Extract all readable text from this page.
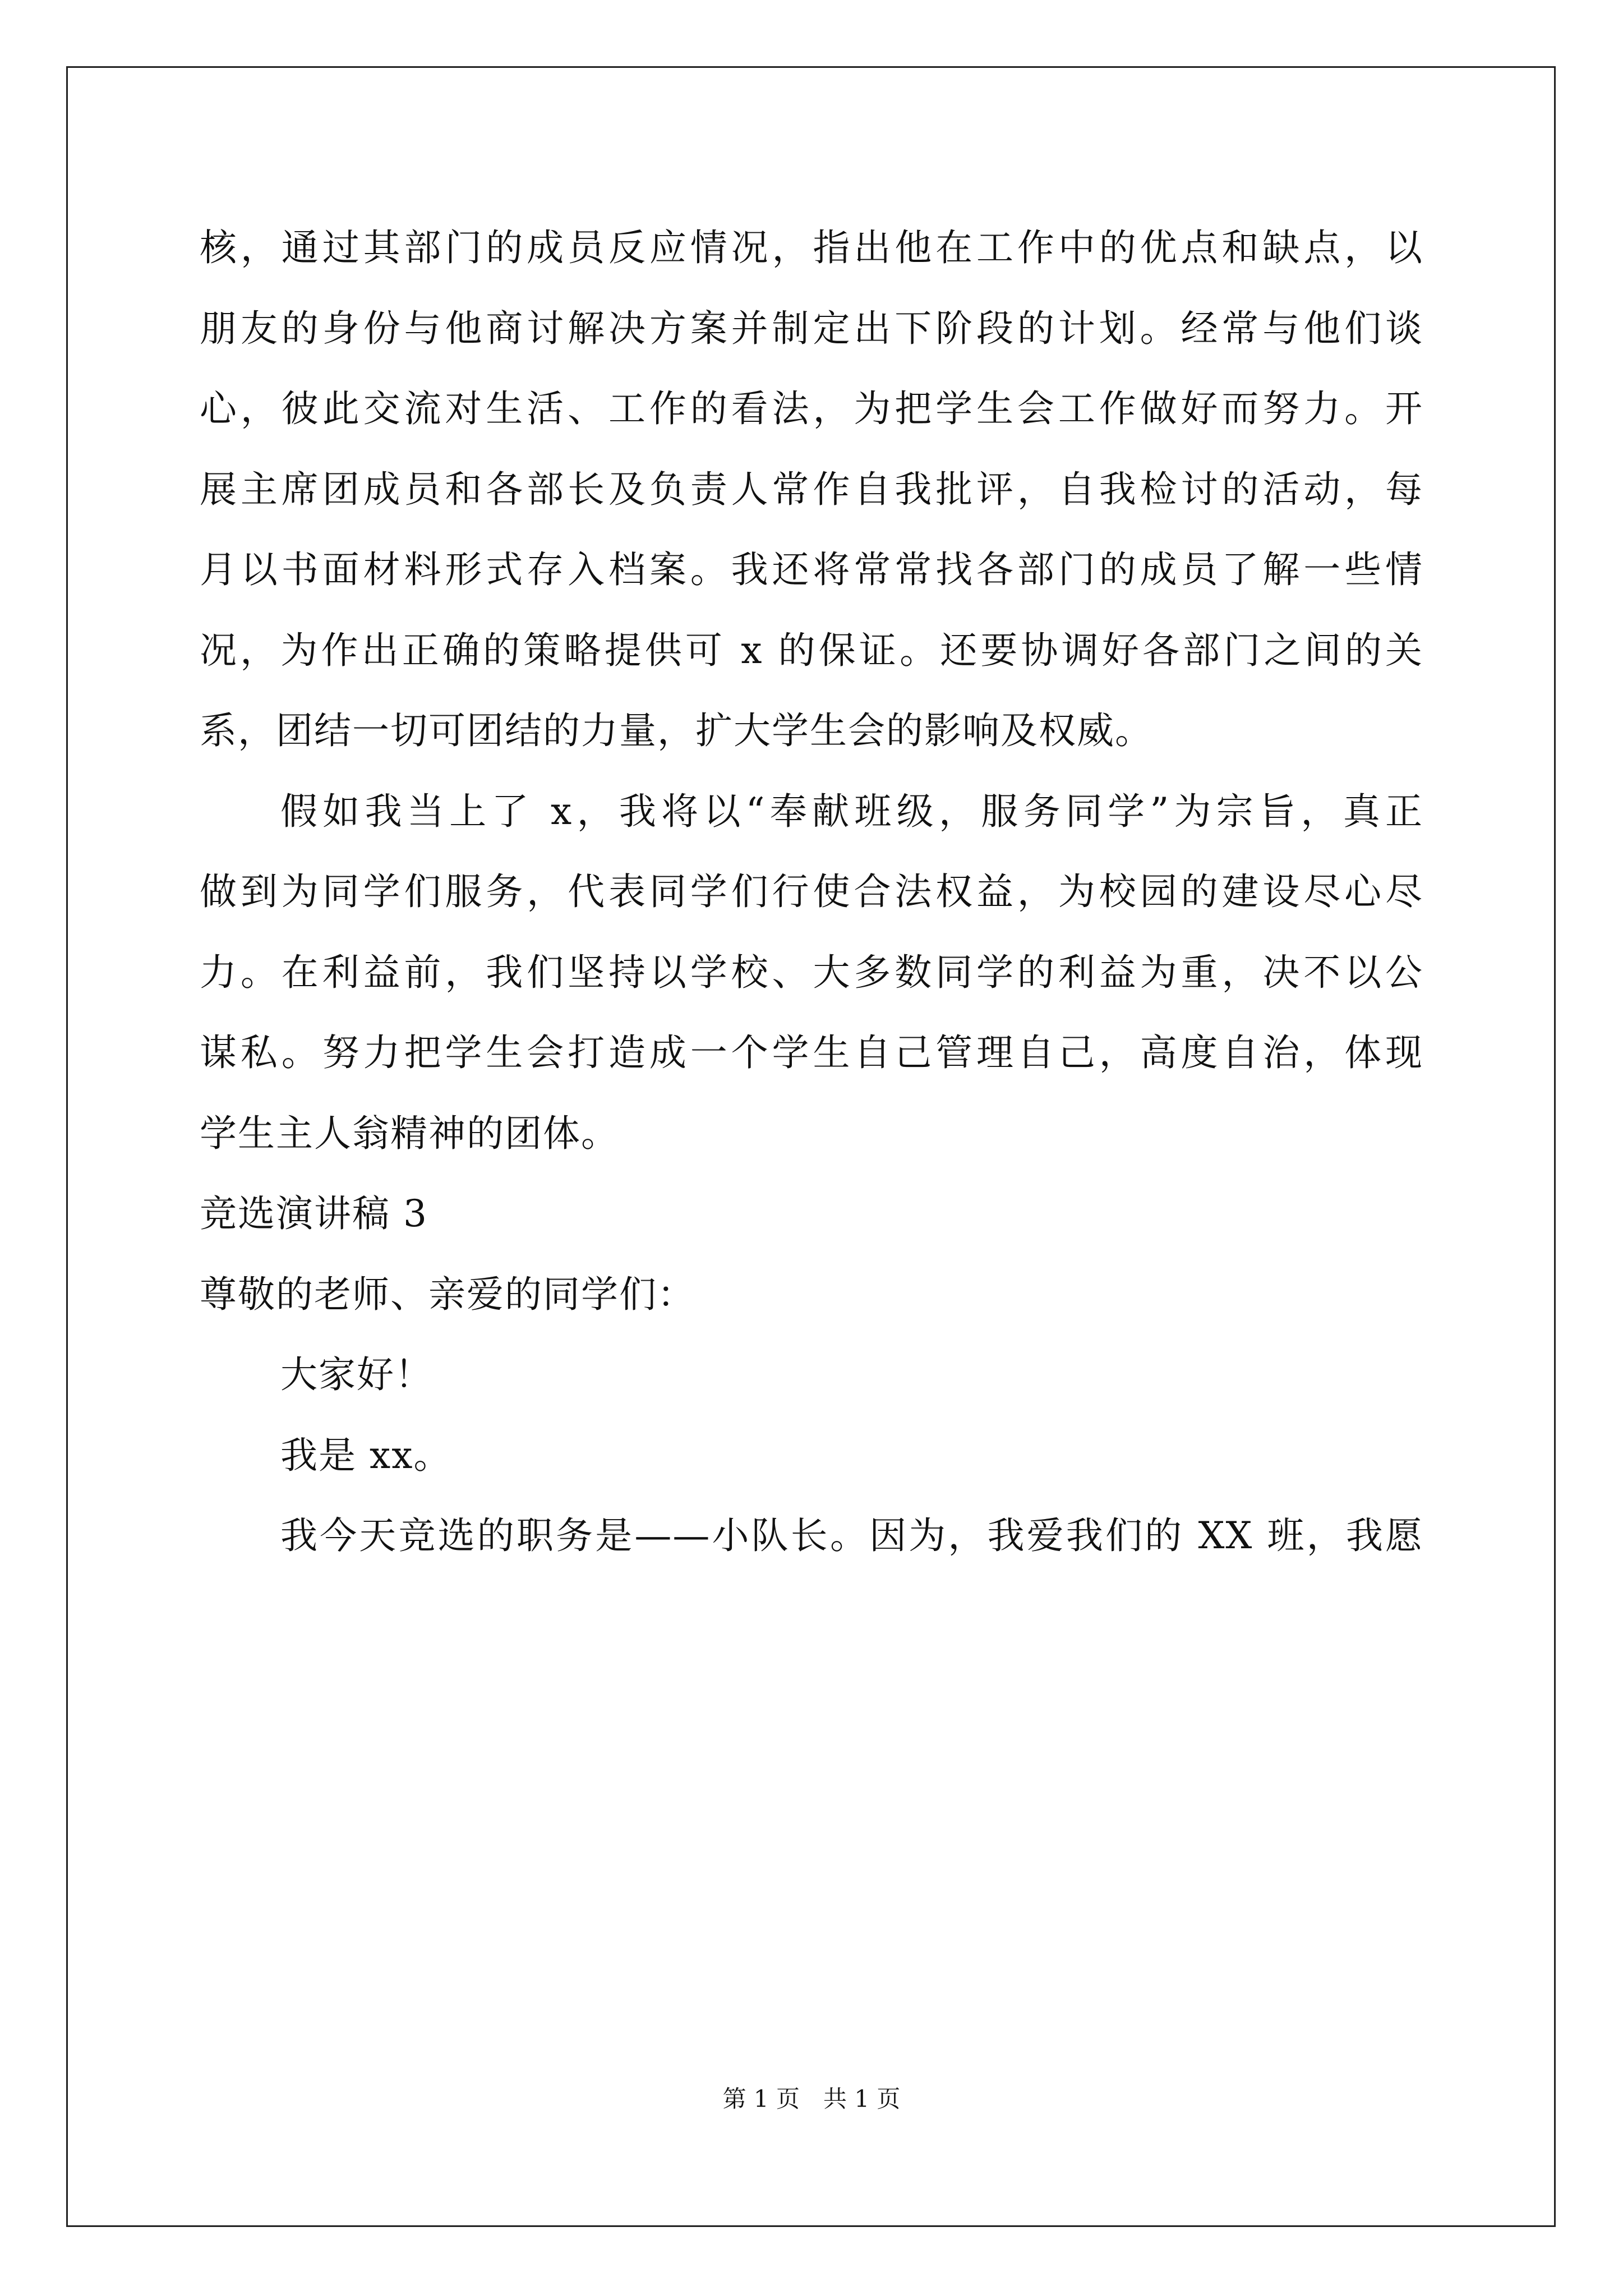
核，通过其部门的成员反应情况，指出他在工作中的优点和缺点，以
朋友的身份与他商讨解决方案并制定出下阶段的计划。经常与他们谈
心，彼此交流对生活、工作的看法，为把学生会工作做好而努力。开
展主席团成员和各部长及负责人常作自我批评，自我检讨的活动，每
月以书面材料形式存入档案。我还将常常找各部门的成员了解一些情
况，为作出正确的策略提供可 x 的保证。还要协调好各部门之间的关
系，团结一切可团结的力量，扩大学生会的影响及权威。
假如我当上了 x，我将以“奉献班级，服务同学”为宗旨，真正
做到为同学们服务，代表同学们行使合法权益，为校园的建设尽心尽
力。在利益前，我们坚持以学校、大多数同学的利益为重，决不以公
谋私。努力把学生会打造成一个学生自己管理自己，高度自治，体现
学生主人翁精神的团体。
竞选演讲稿 3
尊敬的老师、亲爱的同学们：
大家好！
我是 xx。
我今天竞选的职务是——小队长。因为，我爱我们的 XX 班，我愿
第 1 页　共 1 页
